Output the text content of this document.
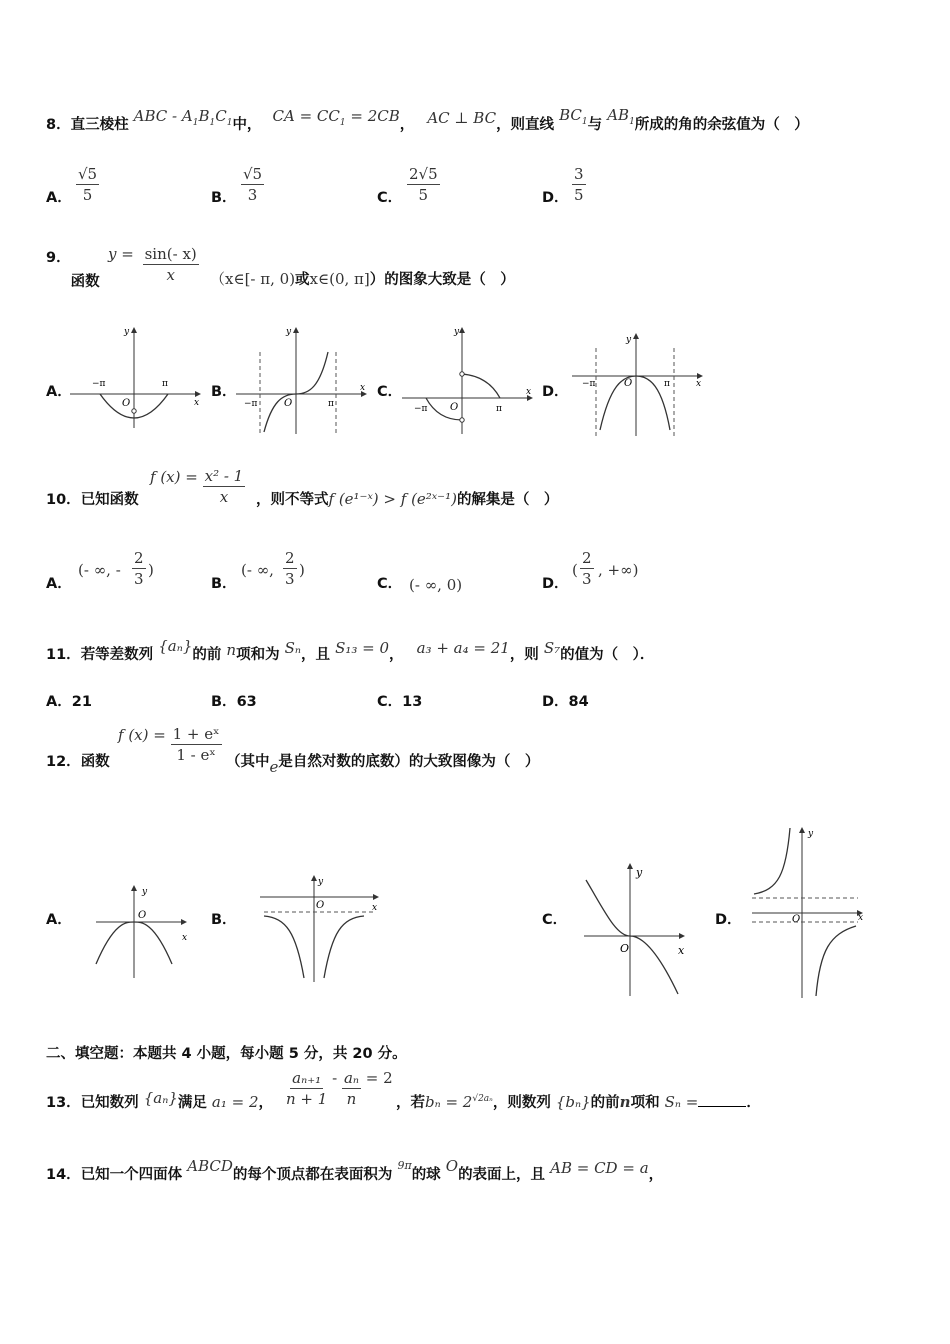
8．直三棱柱 ABC - $A_1B_1C_1$中， CA = $CC_1 = 2CB$， AC ⊥ BC，则直线 $BC_1$与 $AB_1$所成的角的余弦值为（　）
A． $\frac{√5}{5}$	B． $\frac{√5}{3}$	C． $\frac{2√5}{5}$	D． $\frac{3}{5}$
9．函数
$y = \frac{\sin(- x)}{x}$ （x∈[- π, 0)或x∈(0, π]）的图象大致是（　）
A．	B．	C．	D．
−π	π
O	x
y
−π	π
O
x
y
−π	π
O
x
y
−π	π
O	x
y
10．已知函数
f $(x) = \frac{\text{x² - 1}}{x}$ ，则不等式f (e¹⁻ˣ) > f (e²ˣ⁻¹)的解集是（　）
A．
(- ∞, - $\frac{2}{3}$ )
B．
(- ∞, $\frac{2}{3}$ )
C． (- ∞, 0)	D．
( $\frac{2}{3}$ , +∞)
11．若等差数列 {aₙ}的前 n项和为 Sₙ，且 S₁₃ = 0， a₃ + a₄ = 21，则 S₇的值为（　）．
A．21	B．63	C．13	D．84
12．函数
f $(x) = \frac{\text{1 + eˣ}}{\text{1 - eˣ}}$ （其中e是自然对数的底数）的大致图像为（　）
A．	B．	C．	D．
O
x
y
O	x
y
O	x
y
O	x
y
二、填空题：本题共 4 小题，每小题 5 分，共 20 分。
13．已知数列 {aₙ}满足 a₁ = 2， $\frac{\text{aₙ₊₁}}{n + 1} - \frac{\text{aₙ}}{n} = 2$
，若$b_n = 2^{√2a_n}$，则数列 {bₙ}的前n项和 Sₙ =	．
14．已知一个四面体 ABCD的每个顶点都在表面积为 $^{9\pi}$的球 O的表面上，且 AB = CD = a，
